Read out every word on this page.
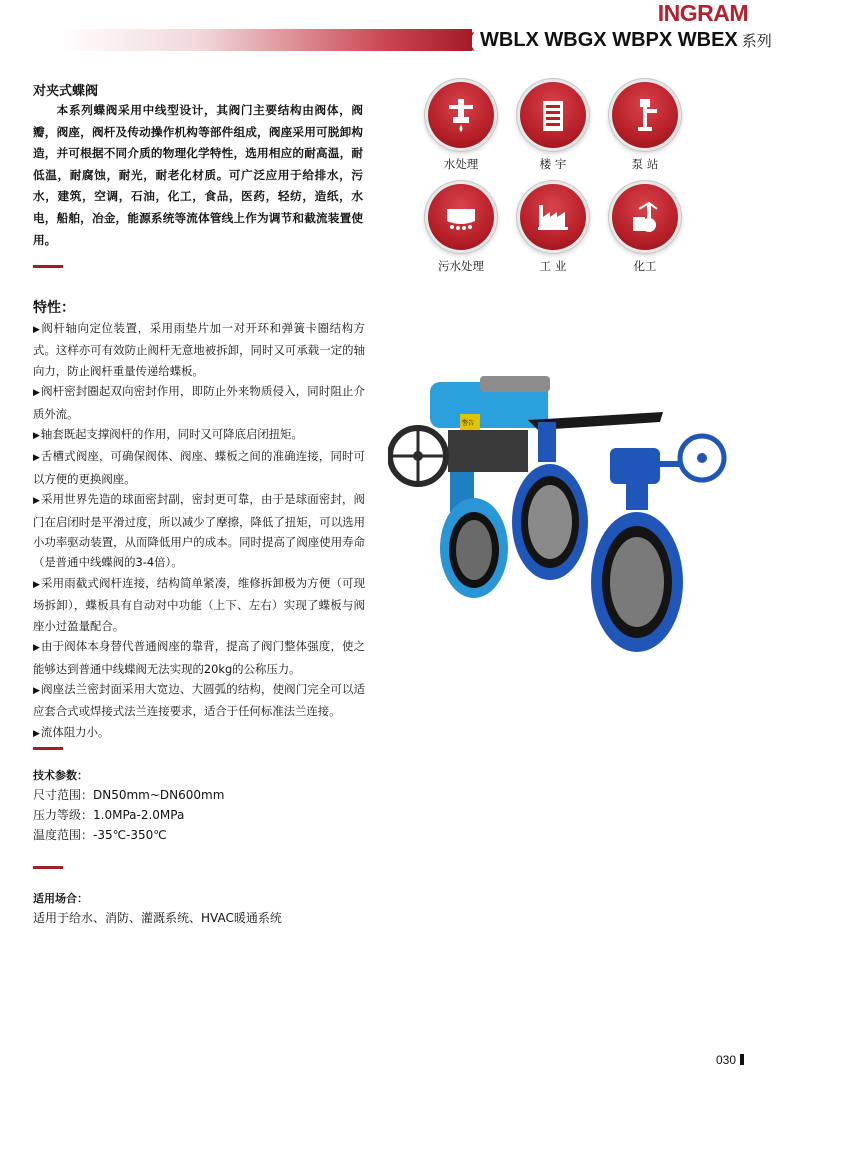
INGRAM
❮ WBLX WBGX WBPX WBEX 系列
对夹式蝶阀

本系列蝶阀采用中线型设计，其阀门主要结构由阀体，阀瓣，阀座，阀杆及传动操作机构等部件组成，阀座采用可脱卸构造，并可根据不同介质的物理化学特性，选用相应的耐高温，耐低温，耐腐蚀，耐光，耐老化材质。可广泛应用于给排水，污水，建筑，空调，石油，化工，食品，医药，轻纺，造纸，水电，船舶，冶金，能源系统等流体管线上作为调节和截流装置使用。

特性：
▶ 阀杆轴向定位装置，采用雨垫片加一对开环和弹簧卡圈结构方式。这样亦可有效防止阀杆无意地被拆卸，同时又可承载一定的轴向力，防止阀杆重量传递给蝶板。
▶ 阀杆密封圈起双向密封作用，即防止外来物质侵入，同时阻止介质外流。
▶ 轴套既起支撑阀杆的作用，同时又可降底启闭扭矩。
▶ 舌槽式阀座，可确保阀体、阀座、蝶板之间的准确连接，同时可以方便的更换阀座。
▶ 采用世界先造的球面密封副，密封更可靠，由于是球面密封，阀门在启闭时是平滑过度，所以减少了摩擦，降低了扭矩，可以选用小功率驱动装置，从而降低用户的成本。同时提高了阀座使用寿命（是普通中线蝶阀的3-4倍）。
▶ 采用雨截式阀杆连接，结构简单紧凑，维修拆卸极为方便（可现场拆卸），蝶板具有自动对中功能（上下、左右）实现了蝶板与阀座小过盈量配合。
▶ 由于阀体本身替代普通阀座的靠背，提高了阀门整体强度，使之能够达到普通中线蝶阀无法实现的20kg的公称压力。
▶ 阀座法兰密封面采用大宽边、大圆弧的结构，使阀门完全可以适应套合式或焊接式法兰连接要求，适合于任何标准法兰连接。
▶ 流体阻力小。
技术参数：
尺寸范围：DN50mm~DN600mm
压力等级：1.0MPa-2.0MPa
温度范围：-35℃-350℃
适用场合：
适用于给水、消防、灌溉系统、HVAC暖通系统
水处理	楼 宇	泵 站
污水处理	工 业	化工
警告
030
